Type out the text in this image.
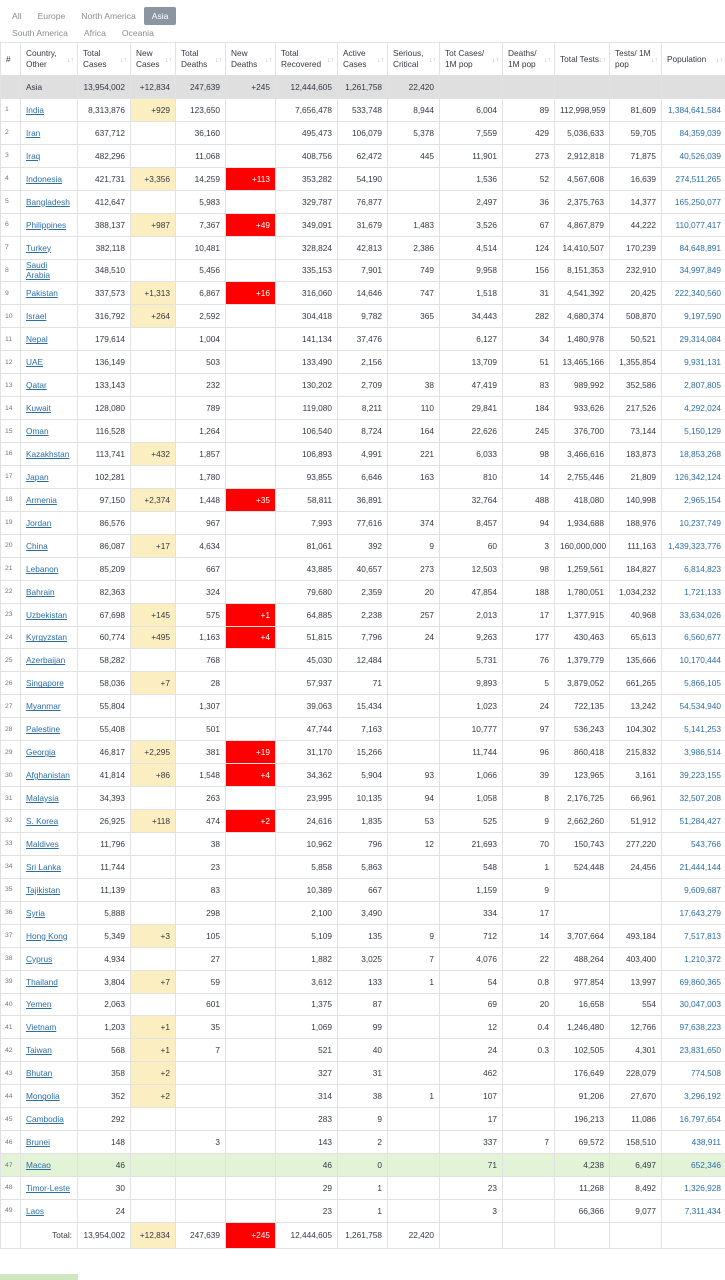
All	Europe	North America	Asia
South America	Africa	Oceania
#	Country, Other ↓↑	Total Cases ↓↑	New Cases ↓↑	Total Deaths ↓↑	New Deaths ↓↑	Total Recovered ↓↑	Active Cases ↓↑	Serious, Critical ↓↑	Tot Cases/ 1M pop ↓↑	Deaths/ 1M pop ↓↑	Total Tests ↓↑	Tests/ 1M pop ↓↑	Population ↓↑

	Asia	13,954,002	+12,834	247,639	+245	12,444,605	1,261,758	22,420					
1	India	8,313,876	+929	123,650		7,656,478	533,748	8,944	6,004	89	112,998,959	81,609	1,384,641,584
2	Iran	637,712		36,160		495,473	106,079	5,378	7,559	429	5,036,633	59,705	84,359,039
3	Iraq	482,296		11,068		408,756	62,472	445	11,901	273	2,912,818	71,875	40,526,039
4	Indonesia	421,731	+3,356	14,259	+113	353,282	54,190		1,536	52	4,567,608	16,639	274,511,265
5	Bangladesh	412,647		5,983		329,787	76,877		2,497	36	2,375,763	14,377	165,250,077
6	Philippines	388,137	+987	7,367	+49	349,091	31,679	1,483	3,526	67	4,867,879	44,222	110,077,417
7	Turkey	382,118		10,481		328,824	42,813	2,386	4,514	124	14,410,507	170,239	84,648,891
8	Saudi Arabia	348,510		5,456		335,153	7,901	749	9,958	156	8,151,353	232,910	34,997,849
9	Pakistan	337,573	+1,313	6,867	+16	316,060	14,646	747	1,518	31	4,541,392	20,425	222,340,560
10	Israel	316,792	+264	2,592		304,418	9,782	365	34,443	282	4,680,374	508,870	9,197,590
11	Nepal	179,614		1,004		141,134	37,476		6,127	34	1,480,978	50,521	29,314,084
12	UAE	136,149		503		133,490	2,156		13,709	51	13,465,166	1,355,854	9,931,131
13	Qatar	133,143		232		130,202	2,709	38	47,419	83	989,992	352,586	2,807,805
14	Kuwait	128,080		789		119,080	8,211	110	29,841	184	933,626	217,526	4,292,024
15	Oman	116,528		1,264		106,540	8,724	164	22,626	245	376,700	73,144	5,150,129
16	Kazakhstan	113,741	+432	1,857		106,893	4,991	221	6,033	98	3,466,616	183,873	18,853,268
17	Japan	102,281		1,780		93,855	6,646	163	810	14	2,755,446	21,809	126,342,124
18	Armenia	97,150	+2,374	1,448	+35	58,811	36,891		32,764	488	418,080	140,998	2,965,154
19	Jordan	86,576		967		7,993	77,616	374	8,457	94	1,934,688	188,976	10,237,749
20	China	86,087	+17	4,634		81,061	392	9	60	3	160,000,000	111,163	1,439,323,776
21	Lebanon	85,209		667		43,885	40,657	273	12,503	98	1,259,561	184,827	6,814,823
22	Bahrain	82,363		324		79,680	2,359	20	47,854	188	1,780,051	1,034,232	1,721,133
23	Uzbekistan	67,698	+145	575	+1	64,885	2,238	257	2,013	17	1,377,915	40,968	33,634,026
24	Kyrgyzstan	60,774	+495	1,163	+4	51,815	7,796	24	9,263	177	430,463	65,613	6,560,677
25	Azerbaijan	58,282		768		45,030	12,484		5,731	76	1,379,779	135,666	10,170,444
26	Singapore	58,036	+7	28		57,937	71		9,893	5	3,879,052	661,265	5,866,105
27	Myanmar	55,804		1,307		39,063	15,434		1,023	24	722,135	13,242	54,534,940
28	Palestine	55,408		501		47,744	7,163		10,777	97	536,243	104,302	5,141,253
29	Georgia	46,817	+2,295	381	+19	31,170	15,266		11,744	96	860,418	215,832	3,986,514
30	Afghanistan	41,814	+86	1,548	+4	34,362	5,904	93	1,066	39	123,965	3,161	39,223,155
31	Malaysia	34,393		263		23,995	10,135	94	1,058	8	2,176,725	66,961	32,507,208
32	S. Korea	26,925	+118	474	+2	24,616	1,835	53	525	9	2,662,260	51,912	51,284,427
33	Maldives	11,796		38		10,962	796	12	21,693	70	150,743	277,220	543,766
34	Sri Lanka	11,744		23		5,858	5,863		548	1	524,448	24,456	21,444,144
35	Tajikistan	11,139		83		10,389	667		1,159	9			9,609,687
36	Syria	5,888		298		2,100	3,490		334	17			17,643,279
37	Hong Kong	5,349	+3	105		5,109	135	9	712	14	3,707,664	493,184	7,517,813
38	Cyprus	4,934		27		1,882	3,025	7	4,076	22	488,264	403,400	1,210,372
39	Thailand	3,804	+7	59		3,612	133	1	54	0.8	977,854	13,997	69,860,365
40	Yemen	2,063		601		1,375	87		69	20	16,658	554	30,047,003
41	Vietnam	1,203	+1	35		1,069	99		12	0.4	1,246,480	12,766	97,638,223
42	Taiwan	568	+1	7		521	40		24	0.3	102,505	4,301	23,831,650
43	Bhutan	358	+2			327	31		462		176,649	228,079	774,508
44	Mongolia	352	+2			314	38	1	107		91,206	27,670	3,296,192
45	Cambodia	292				283	9		17		196,213	11,086	16,797,654
46	Brunei	148		3		143	2		337	7	69,572	158,510	438,911
47	Macao	46				46	0		71		4,238	6,497	652,346
48	Timor-Leste	30				29	1		23		11,268	8,492	1,326,928
49	Laos	24				23	1		3		66,366	9,077	7,311,434
	Total:	13,954,002	+12,834	247,639	+245	12,444,605	1,261,758	22,420					
